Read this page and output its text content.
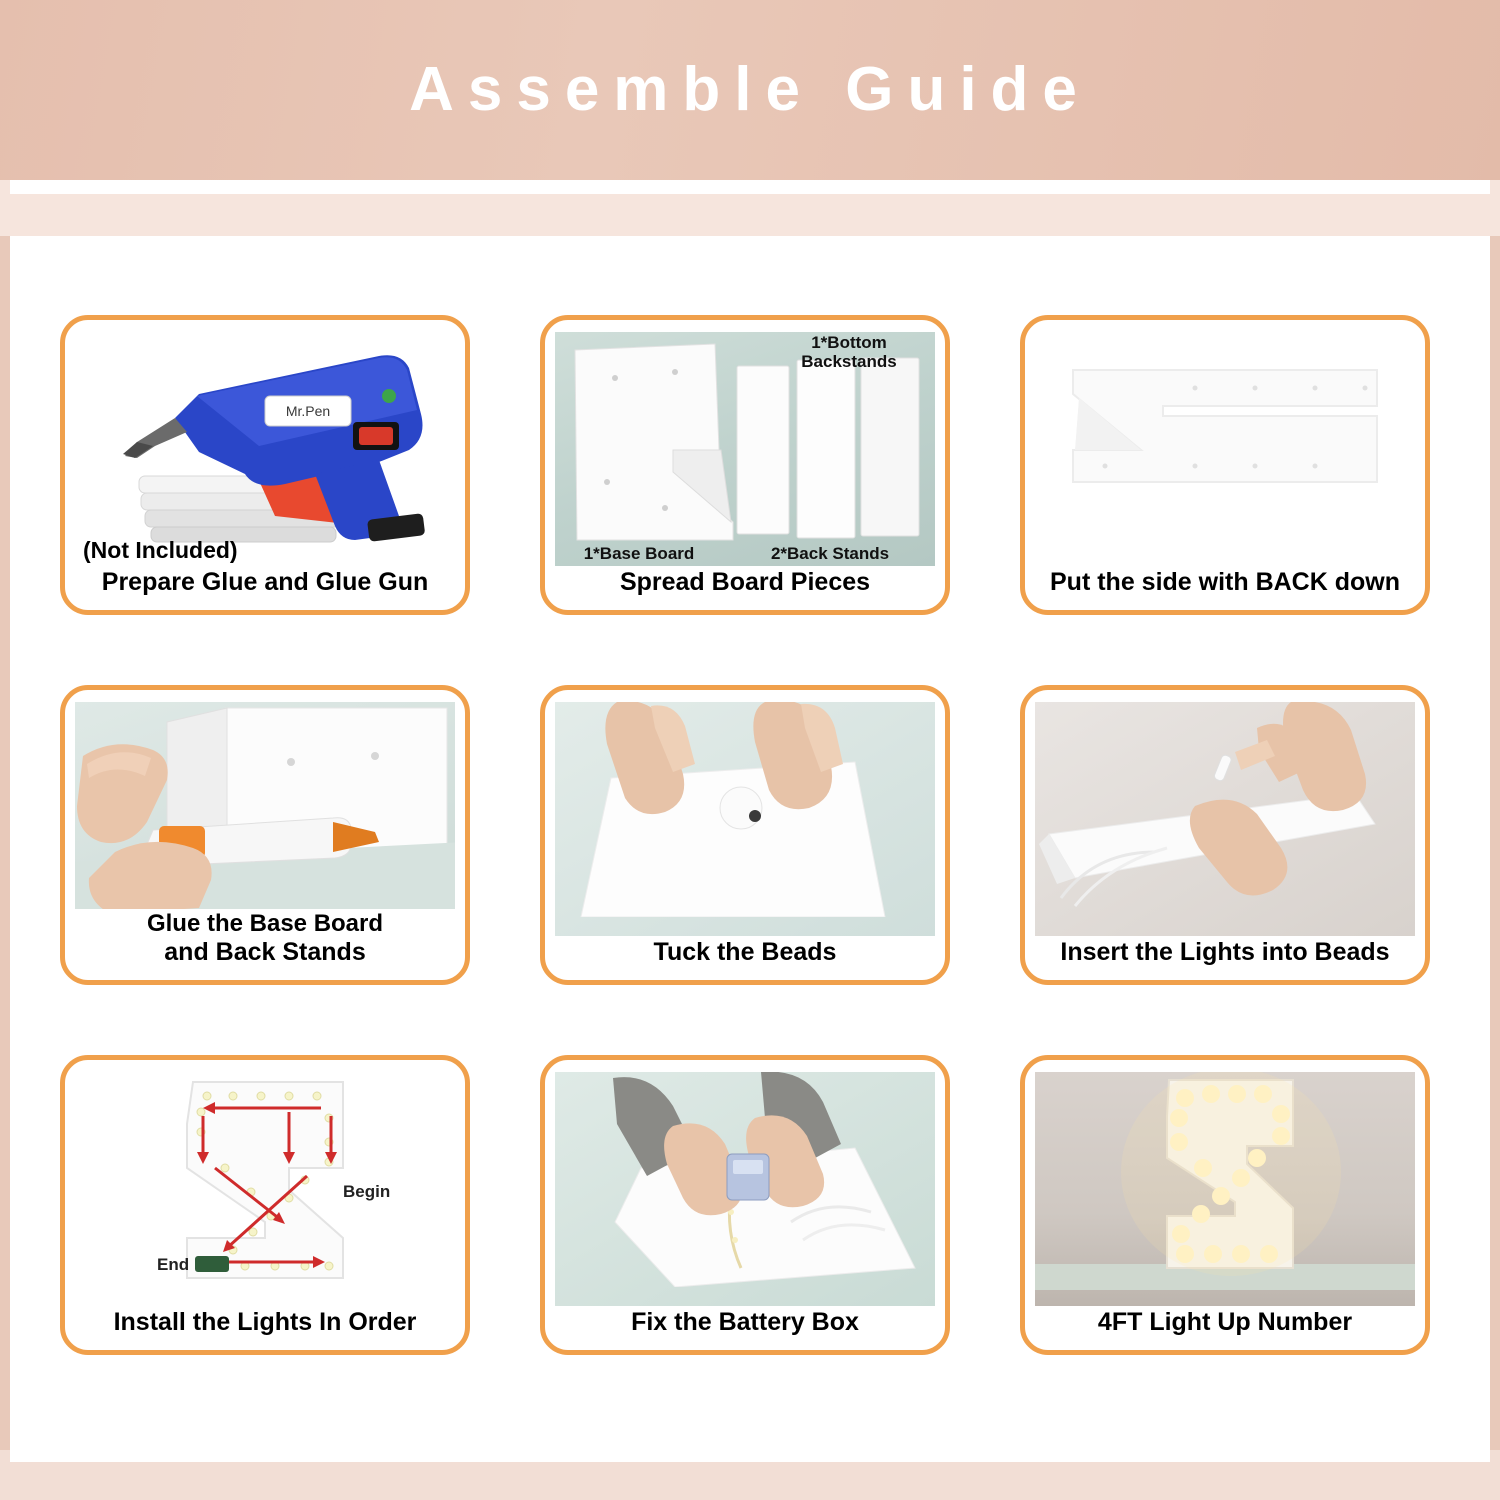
Assemble Guide
Mr.Pen
(Not Included)
Prepare Glue and Glue Gun
1*Bottom Backstands
1*Base Board	2*Back Stands
Spread Board Pieces	Put the side with BACK down
Glue the Base Board
and Back Stands	Tuck the Beads	Insert the Lights into Beads
Begin
End
Install the Lights In Order	Fix the Battery Box	4FT Light Up Number
